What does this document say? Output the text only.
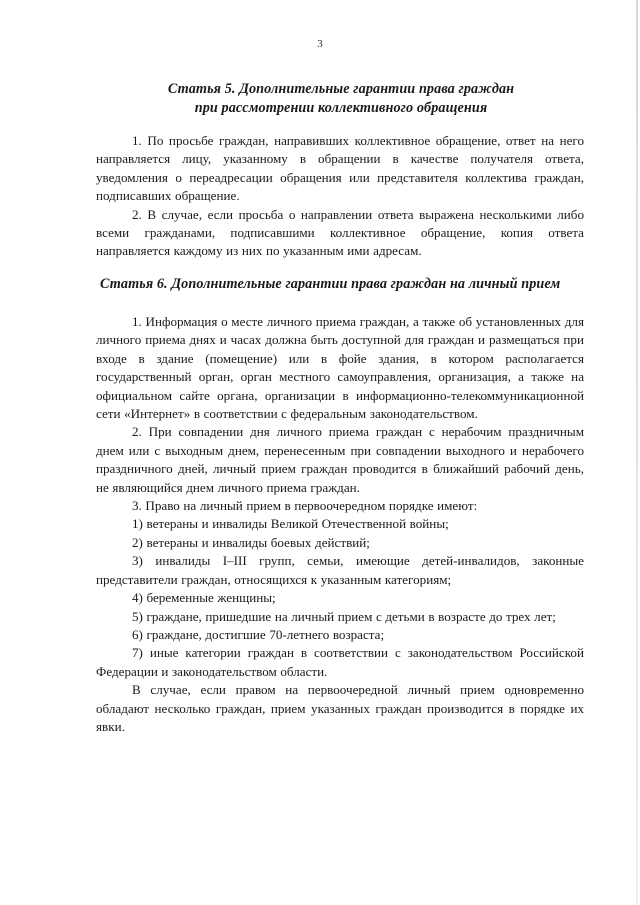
3
Статья 5. Дополнительные гарантии права граждан
при рассмотрении коллективного обращения

1. По просьбе граждан, направивших коллективное обращение, ответ на него направляется лицу, указанному в обращении в качестве получателя ответа, уведомления о переадресации обращения или представителя коллектива граждан, подписавших обращение.

2. В случае, если просьба о направлении ответа выражена несколькими либо всеми гражданами, подписавшими коллективное обращение, копия ответа направляется каждому из них по указанным ими адресам.

Статья 6. Дополнительные гарантии права граждан на личный прием

1. Информация о месте личного приема граждан, а также об установленных для личного приема днях и часах должна быть доступной для граждан и размещаться при входе в здание (помещение) или в фойе здания, в котором располагается государственный орган, орган местного самоуправления, организация, а также на официальном сайте органа, организации в информационно-телекоммуникационной сети «Интернет» в соответствии с федеральным законодательством.

2. При совпадении дня личного приема граждан с нерабочим праздничным днем или с выходным днем, перенесенным при совпадении выходного и нерабочего праздничного дней, личный прием граждан проводится в ближайший рабочий день, не являющийся днем личного приема граждан.

3. Право на личный прием в первоочередном порядке имеют:

1) ветераны и инвалиды Великой Отечественной войны;

2) ветераны и инвалиды боевых действий;

3) инвалиды I–III групп, семьи, имеющие детей-инвалидов, законные представители граждан, относящихся к указанным категориям;

4) беременные женщины;

5) граждане, пришедшие на личный прием с детьми в возрасте до трех лет;

6) граждане, достигшие 70-летнего возраста;

7) иные категории граждан в соответствии с законодательством Российской Федерации и законодательством области.

В случае, если правом на первоочередной личный прием одновременно обладают несколько граждан, прием указанных граждан производится в порядке их явки.
